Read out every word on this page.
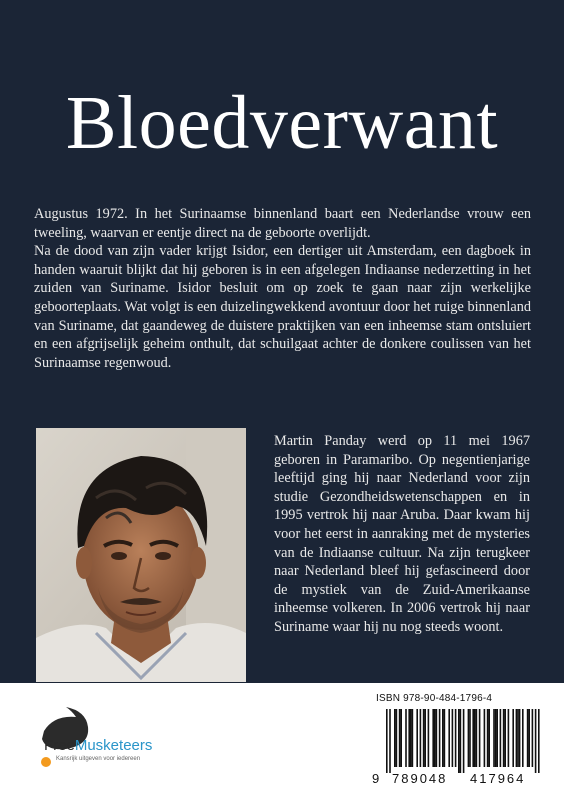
Bloedverwant

Augustus 1972. In het Surinaamse binnenland baart een Nederlandse vrouw een tweeling, waarvan er eentje direct na de geboorte overlijdt.

Na de dood van zijn vader krijgt Isidor, een dertiger uit Amsterdam, een dagboek in handen waaruit blijkt dat hij geboren is in een afgelegen Indiaanse nederzetting in het zuiden van Suriname. Isidor besluit om op zoek te gaan naar zijn werkelijke geboorteplaats. Wat volgt is een duizelingwekkend avontuur door het ruige binnenland van Suriname, dat gaandeweg de duistere praktijken van een inheemse stam ontsluiert en een afgrijselijk geheim onthult, dat schuilgaat achter de donkere coulissen van het Surinaamse regenwoud.

Martin Panday werd op 11 mei 1967 geboren in Paramaribo. Op negentienjarige leeftijd ging hij naar Nederland voor zijn studie Gezondheidswetenschappen en in 1995 vertrok hij naar Aruba. Daar kwam hij voor het eerst in aanraking met de mysteries van de Indiaanse cultuur. Na zijn terugkeer naar Nederland bleef hij gefascineerd door de mystiek van de Zuid-Amerikaanse inheemse volkeren. In 2006 vertrok hij naar Suriname waar hij nu nog steeds woont.
FreeMusketeers
Kansrijk uitgeven voor iedereen
ISBN 978-90-484-1796-4
9 789048 417964
